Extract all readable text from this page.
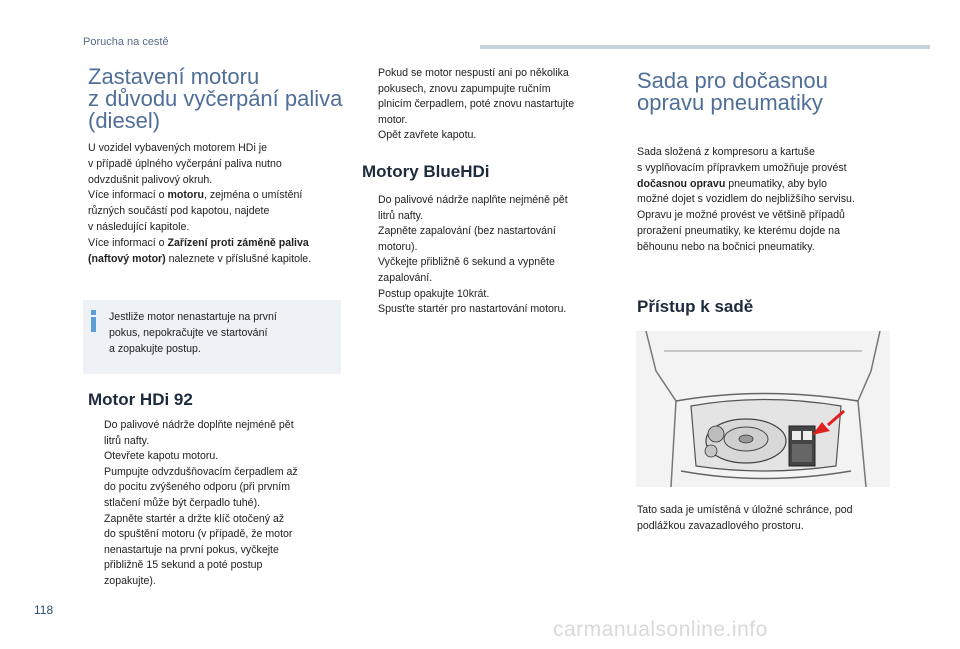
Porucha na cestě
Zastavení motoru
z důvodu vyčerpání paliva
(diesel)
U vozidel vybavených motorem HDi je
v případě úplného vyčerpání paliva nutno
odvzdušnit palivový okruh.
Více informací o motoru, zejména o umístění
různých součástí pod kapotou, najdete
v následující kapitole.
Více informací o Zařízení proti záměně paliva
(naftový motor) naleznete v příslušné kapitole.
Jestliže motor nenastartuje na první
pokus, nepokračujte ve startování
a zopakujte postup.
Motor HDi 92
Do palivové nádrže doplňte nejméně pět
litrů nafty.
Otevřete kapotu motoru.
Pumpujte odvzdušňovacím čerpadlem až
do pocitu zvýšeného odporu (při prvním
stlačení může být čerpadlo tuhé).
Zapněte startér a držte klíč otočený až
do spuštění motoru (v případě, že motor
nenastartuje na první pokus, vyčkejte
přibližně 15 sekund a poté postup
zopakujte).
Pokud se motor nespustí ani po několika
pokusech, znovu zapumpujte ručním
plnicím čerpadlem, poté znovu nastartujte
motor.
Opět zavřete kapotu.
Motory BlueHDi
Do palivové nádrže naplňte nejméně pět
litrů nafty.
Zapněte zapalování (bez nastartování
motoru).
Vyčkejte přibližně 6 sekund a vypněte
zapalování.
Postup opakujte 10krát.
Spusťte startér pro nastartování motoru.
Sada pro dočasnou
opravu pneumatiky
Sada složená z kompresoru a kartuše
s vyplňovacím přípravkem umožňuje provést
dočasnou opravu pneumatiky, aby bylo
možné dojet s vozidlem do nejbližšího servisu.
Opravu je možné provést ve většině případů
proražení pneumatiky, ke kterému dojde na
běhounu nebo na bočnici pneumatiky.
Přístup k sadě
Tato sada je umístěná v úložné schránce, pod
podlážkou zavazadlového prostoru.
118
carmanualsonline.info
